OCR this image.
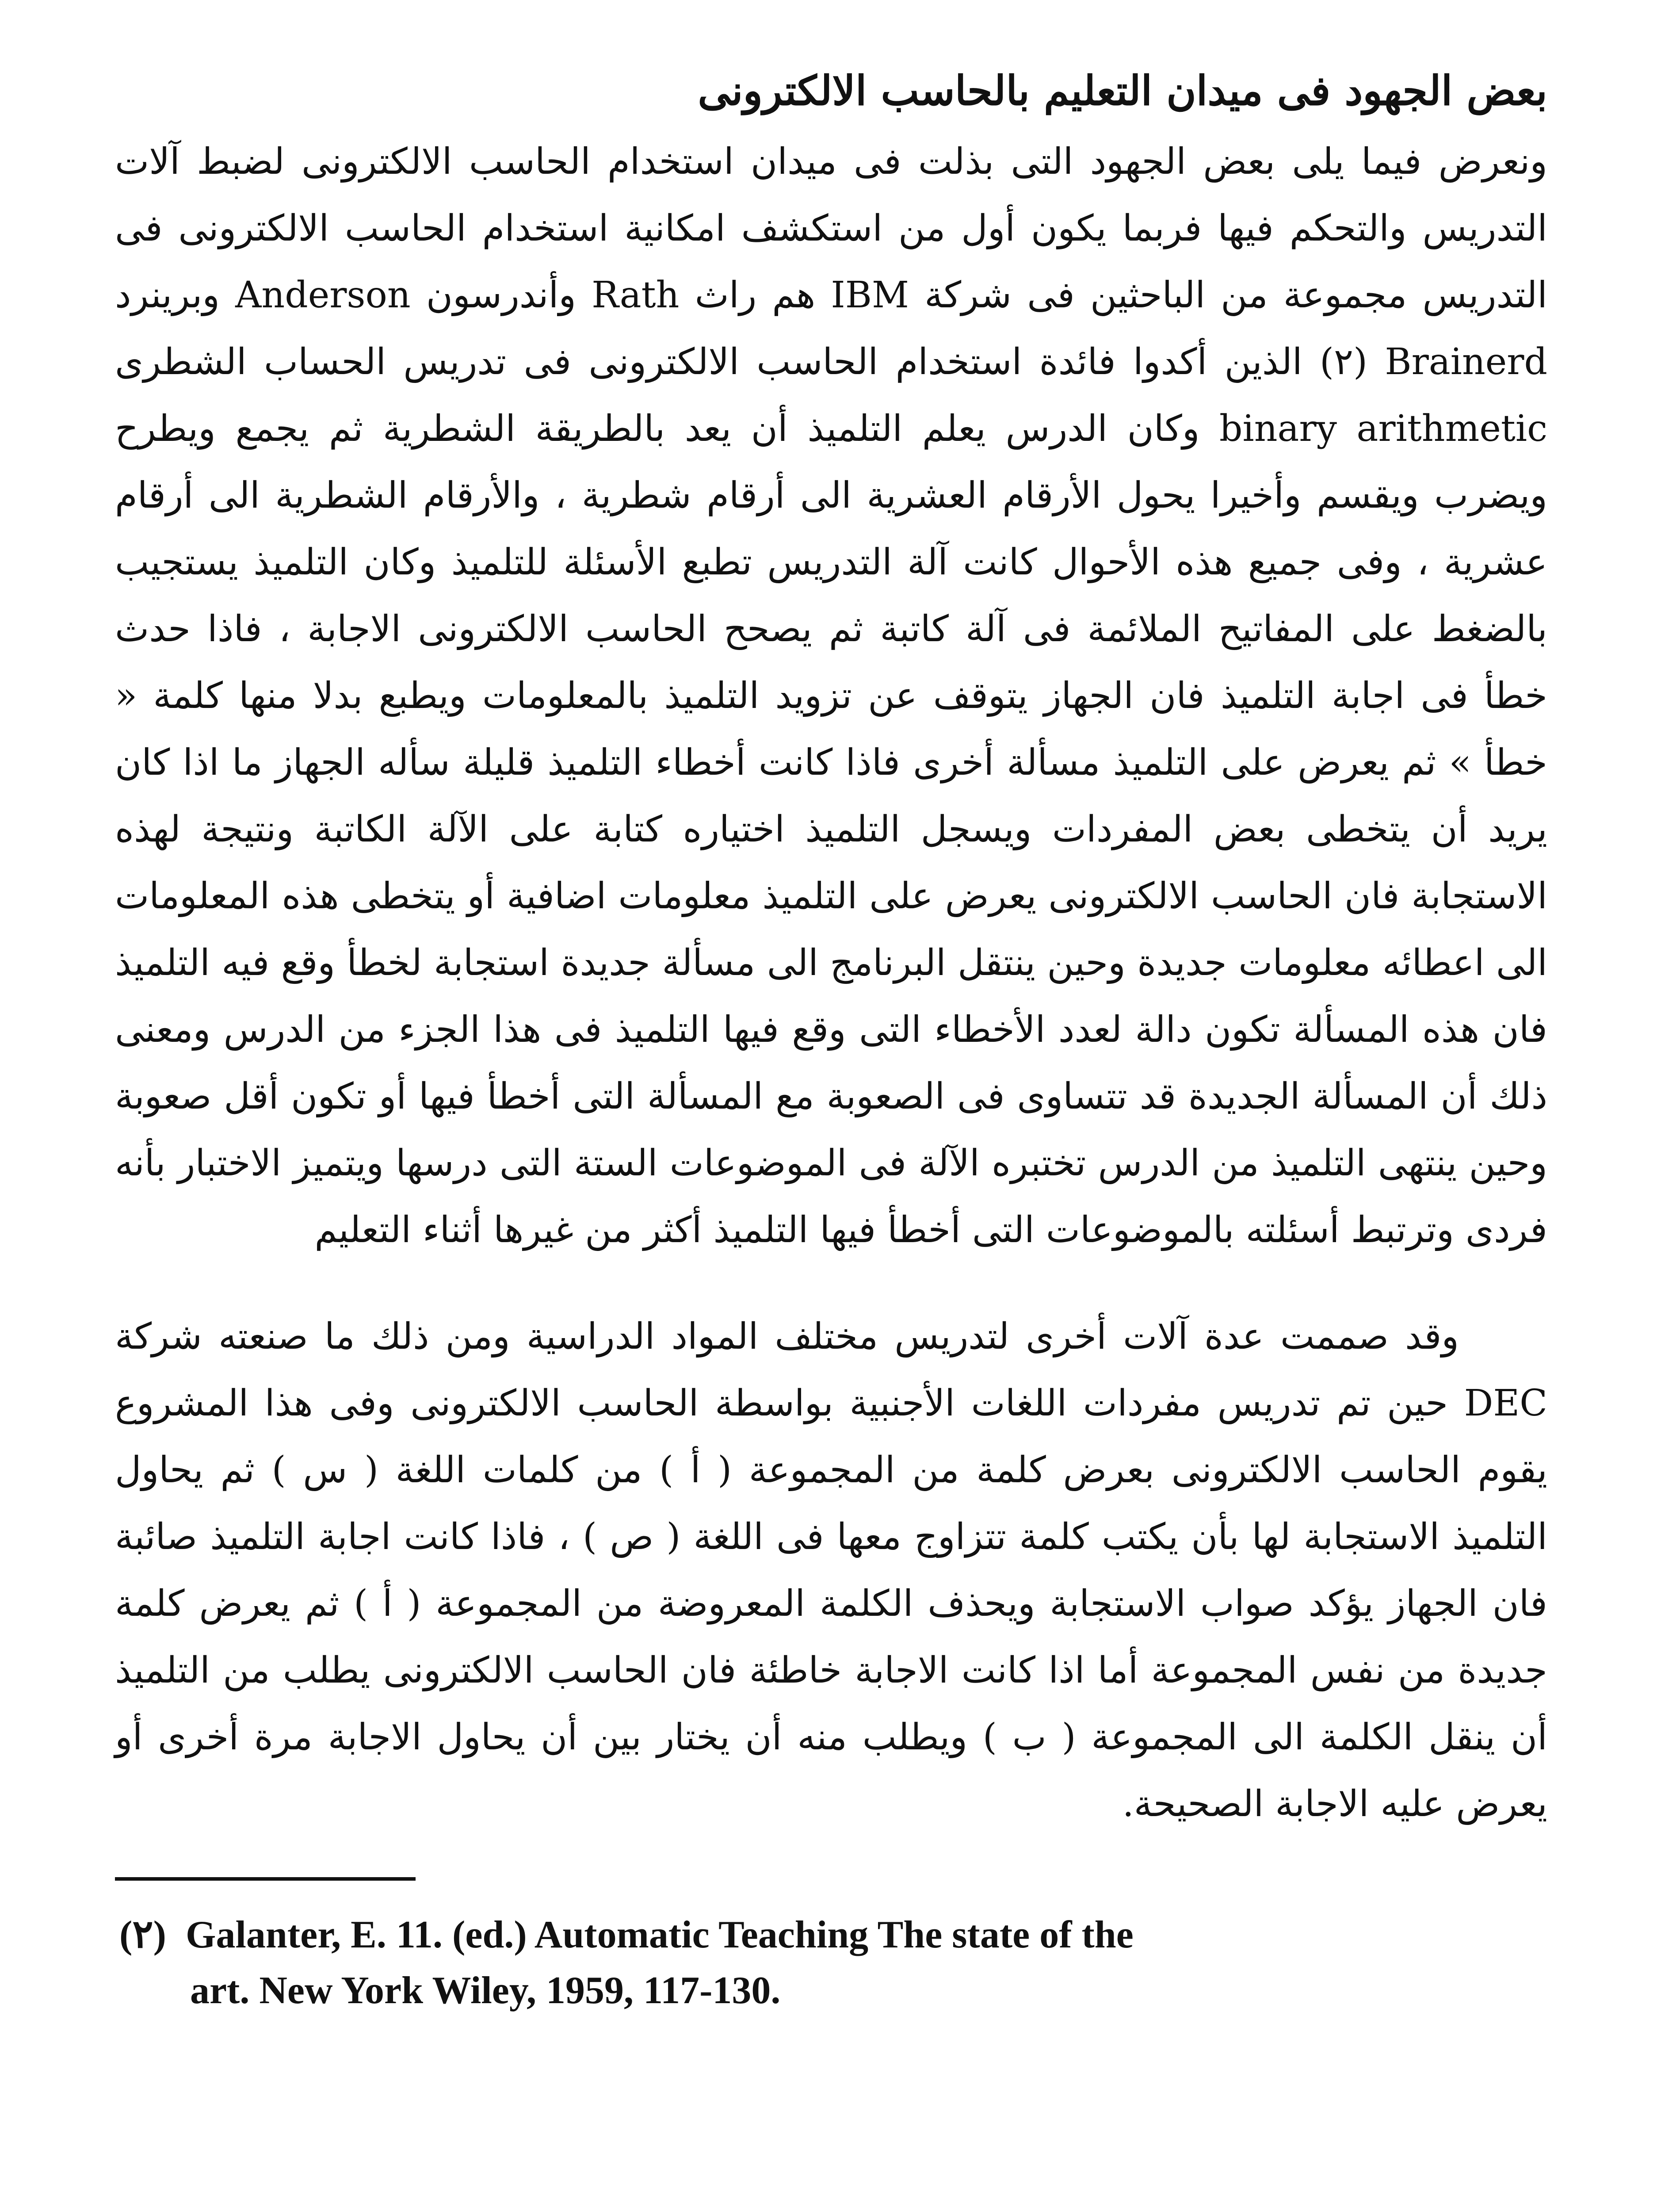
بعض الجهود فى ميدان التعليم بالحاسب الالكترونى

ونعرض فيما يلى بعض الجهود التى بذلت فى ميدان استخدام الحاسب الالكترونى لضبط آلات التدريس والتحكم فيها فربما يكون أول من استكشف امكانية استخدام الحاسب الالكترونى فى التدريس مجموعة من الباحثين فى شركة IBM هم راث Rath وأندرسون Anderson وبرينرد Brainerd (٢) الذين أكدوا فائدة استخدام الحاسب الالكترونى فى تدريس الحساب الشطرى binary arithmetic وكان الدرس يعلم التلميذ أن يعد بالطريقة الشطرية ثم يجمع ويطرح ويضرب ويقسم وأخيرا يحول الأرقام العشرية الى أرقام شطرية ، والأرقام الشطرية الى أرقام عشرية ، وفى جميع هذه الأحوال كانت آلة التدريس تطبع الأسئلة للتلميذ وكان التلميذ يستجيب بالضغط على المفاتيح الملائمة فى آلة كاتبة ثم يصحح الحاسب الالكترونى الاجابة ، فاذا حدث خطأ فى اجابة التلميذ فان الجهاز يتوقف عن تزويد التلميذ بالمعلومات ويطبع بدلا منها كلمة « خطأ » ثم يعرض على التلميذ مسألة أخرى فاذا كانت أخطاء التلميذ قليلة سأله الجهاز ما اذا كان يريد أن يتخطى بعض المفردات ويسجل التلميذ اختياره كتابة على الآلة الكاتبة ونتيجة لهذه الاستجابة فان الحاسب الالكترونى يعرض على التلميذ معلومات اضافية أو يتخطى هذه المعلومات الى اعطائه معلومات جديدة وحين ينتقل البرنامج الى مسألة جديدة استجابة لخطأ وقع فيه التلميذ فان هذه المسألة تكون دالة لعدد الأخطاء التى وقع فيها التلميذ فى هذا الجزء من الدرس ومعنى ذلك أن المسألة الجديدة قد تتساوى فى الصعوبة مع المسألة التى أخطأ فيها أو تكون أقل صعوبة وحين ينتهى التلميذ من الدرس تختبره الآلة فى الموضوعات الستة التى درسها ويتميز الاختبار بأنه فردى وترتبط أسئلته بالموضوعات التى أخطأ فيها التلميذ أكثر من غيرها أثناء التعليم

وقد صممت عدة آلات أخرى لتدريس مختلف المواد الدراسية ومن ذلك ما صنعته شركة DEC حين تم تدريس مفردات اللغات الأجنبية بواسطة الحاسب الالكترونى وفى هذا المشروع يقوم الحاسب الالكترونى بعرض كلمة من المجموعة ( أ ) من كلمات اللغة ( س ) ثم يحاول التلميذ الاستجابة لها بأن يكتب كلمة تتزاوج معها فى اللغة ( ص ) ، فاذا كانت اجابة التلميذ صائبة فان الجهاز يؤكد صواب الاستجابة ويحذف الكلمة المعروضة من المجموعة ( أ ) ثم يعرض كلمة جديدة من نفس المجموعة أما اذا كانت الاجابة خاطئة فان الحاسب الالكترونى يطلب من التلميذ أن ينقل الكلمة الى المجموعة ( ب ) ويطلب منه أن يختار بين أن يحاول الاجابة مرة أخرى أو يعرض عليه الاجابة الصحيحة.

(٢) Galanter, E. 11. (ed.) Automatic Teaching The state of the
art. New York Wiley, 1959, 117-130.
